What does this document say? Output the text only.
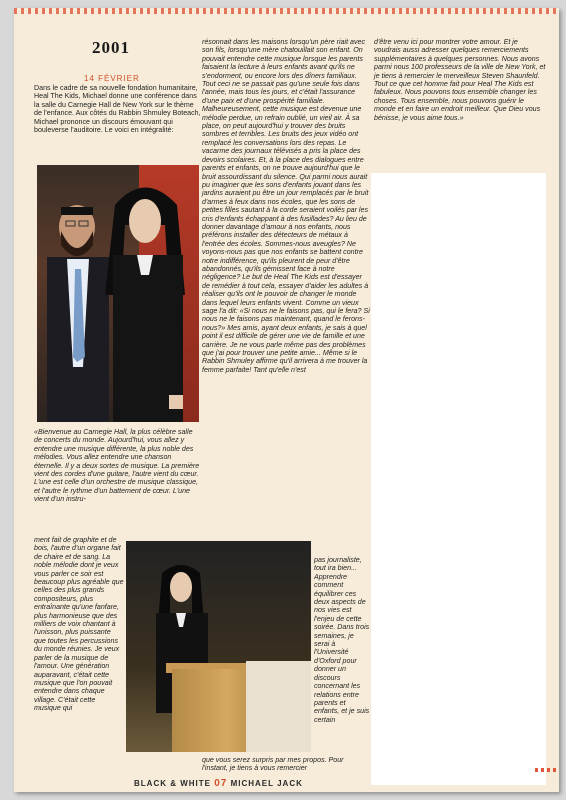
2001
14 FÉVRIER

Dans le cadre de sa nouvelle fondation humanitaire, Heal The Kids, Michael donne une conférence dans la salle du Carnegie Hall de New York sur le thème de l'enfance. Aux côtés du Rabbin Shmuley Boteach, Michael prononce un discours émouvant qui bouleverse l'auditoire. Le voici en intégralité:

«Bienvenue au Carnegie Hall, la plus célèbre salle de concerts du monde. Aujourd'hui, vous allez y entendre une musique différente, la plus noble des mélodies. Vous allez entendre une chanson éternelle. Il y a deux sortes de musique. La première vient des cordes d'une guitare, l'autre vient du cœur. L'une est celle d'un orchestre de musique classique, et l'autre le rythme d'un battement de cœur. L'une vient d'un instru-

ment fait de graphite et de bois, l'autre d'un organe fait de chaire et de sang. La noble mélodie dont je veux vous parler ce soir est beaucoup plus agréable que celles des plus grands compositeurs, plus entraînante qu'une fanfare, plus harmonieuse que des milliers de voix chantant à l'unisson, plus puissante que toutes les percussions du monde réunies. Je veux parler de la musique de l'amour. Une génération auparavant, c'était cette musique que l'on pouvait entendre dans chaque village. C'était cette musique qui

résonnait dans les maisons lorsqu'un père riait avec son fils, lorsqu'une mère chatouillait son enfant. On pouvait entendre cette musique lorsque les parents faisaient la lecture à leurs enfants avant qu'ils ne s'endorment, ou encore lors des dîners familiaux. Tout ceci ne se passait pas qu'une seule fois dans l'année, mais tous les jours, et c'était l'assurance d'une paix et d'une prospérité familiale. Malheureusement, cette musique est devenue une mélodie perdue, un refrain oublié, un vieil air. À sa place, on peut aujourd'hui y trouver des bruits sombres et terribles. Les bruits des jeux vidéo ont remplacé les conversations lors des repas. Le vacarme des journaux télévisés a pris la place des devoirs scolaires. Et, à la place des dialogues entre parents et enfants, on ne trouve aujourd'hui que le bruit assourdissant du silence. Qui parmi nous aurait pu imaginer que les sons d'enfants jouant dans les jardins auraient pu être un jour remplacés par le bruit d'armes à feux dans nos écoles, que les sons de petites filles sautant à la corde seraient voilés par les cris d'enfants échappant à des fusillades? Au lieu de donner davantage d'amour à nos enfants, nous préférons installer des détecteurs de métaux à l'entrée des écoles. Sommes-nous aveugles? Ne voyons-nous pas que nos enfants se battent contre notre indifférence, qu'ils pleurent de peur d'être abandonnés, qu'ils gémissent face à notre négligence? Le but de Heal The Kids est d'essayer de remédier à tout cela, essayer d'aider les adultes à réaliser qu'ils ont le pouvoir de changer le monde dans lequel leurs enfants vivent. Comme un vieux sage l'a dit: «Si nous ne le faisons pas, qui le fera? Si nous ne le faisons pas maintenant, quand le ferons-nous?» Mes amis, ayant deux enfants, je sais à quel point il est difficile de gérer une vie de famille et une carrière. Je ne vous parle même pas des problèmes que j'ai pour trouver une petite amie... Même si le Rabbin Shmuley affirme qu'il arrivera à me trouver la femme parfaite! Tant qu'elle n'est

pas journaliste, tout ira bien... Apprendre comment équilibrer ces deux aspects de nos vies est l'enjeu de cette soirée. Dans trois semaines, je serai à l'Université d'Oxford pour donner un discours concernant les relations entre parents et enfants, et je suis certain

que vous serez surpris par mes propos. Pour l'instant, je tiens à vous remercier

d'être venu ici pour montrer votre amour. Et je voudrais aussi adresser quelques remerciements supplémentaires à quelques personnes. Nous avons parmi nous 100 professeurs de la ville de New York, et je tiens à remercier le merveilleux Steven Shaunfeld. Tout ce que cet homme fait pour Heal The Kids est fabuleux. Nous pouvons tous ensemble changer les choses. Tous ensemble, nous pouvons guérir le monde et en faire un endroit meilleur. Que Dieu vous bénisse, je vous aime tous.»

BLACK & WHITE 07 MICHAEL JACK
